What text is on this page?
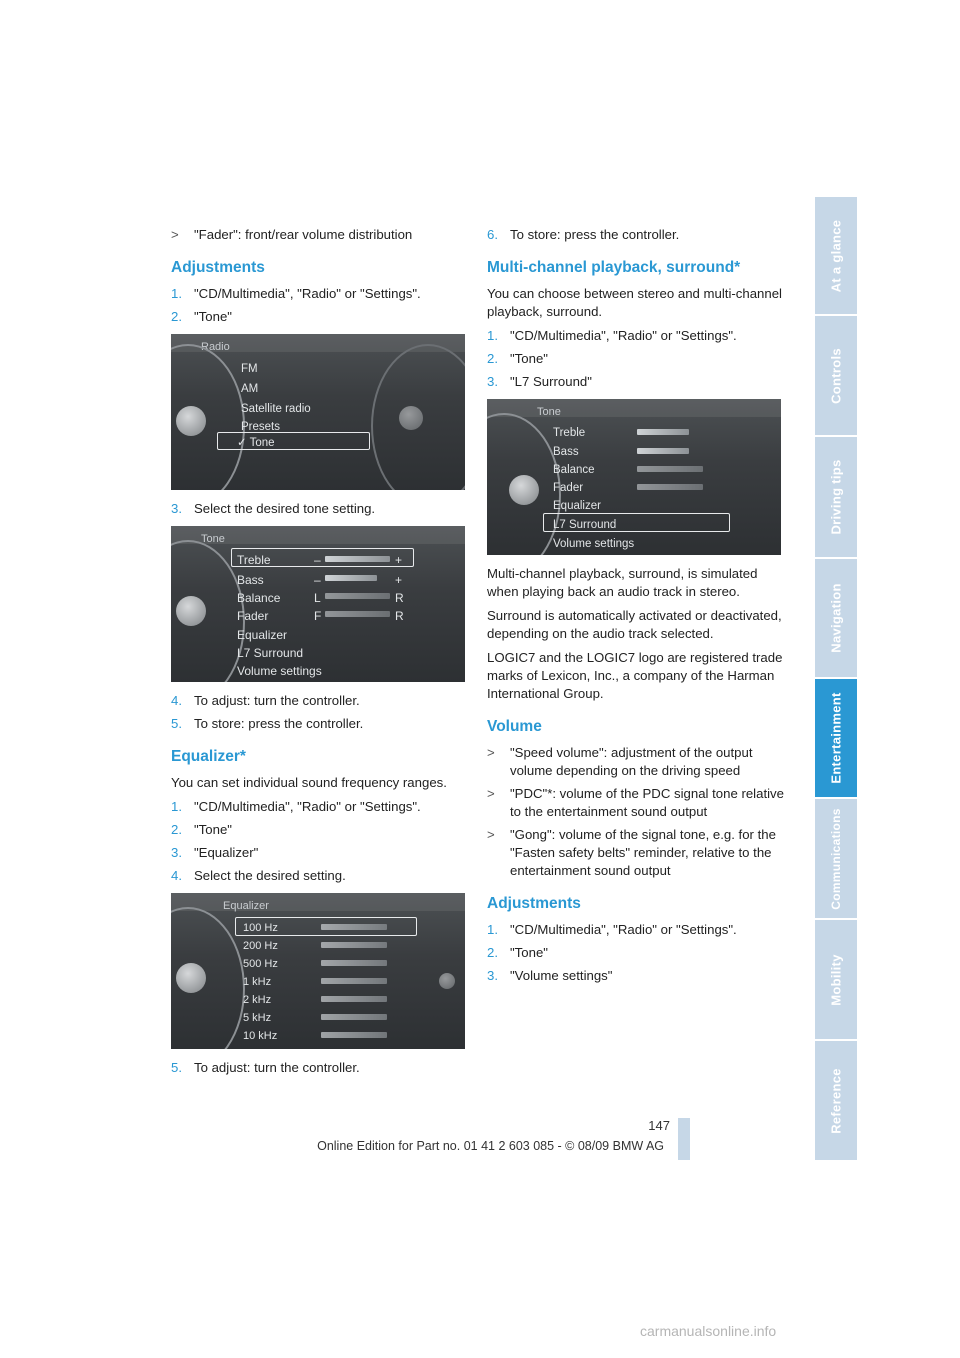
> "Fader": front/rear volume distribution
Adjustments
1. "CD/Multimedia", "Radio" or "Settings".
2. "Tone"
Radio
FM
AM
Satellite radio
Presets
✓ Tone
3. Select the desired tone setting.
Tone
Treble
Bass
Balance
Fader
–
–
L
F
+
+
R
R
Equalizer
L7 Surround
Volume settings
4. To adjust: turn the controller.
5. To store: press the controller.
Equalizer*

You can set individual sound frequency ranges.

1. "CD/Multimedia", "Radio" or "Settings".
2. "Tone"
3. "Equalizer"
4. Select the desired setting.
Equalizer
100 Hz
200 Hz
500 Hz
1 kHz
2 kHz
5 kHz
10 kHz
5. To adjust: turn the controller.
6. To store: press the controller.
Multi-channel playback, surround*

You can choose between stereo and multi-channel playback, surround.

1. "CD/Multimedia", "Radio" or "Settings".
2. "Tone"
3. "L7 Surround"
Tone
Treble
Bass
Balance
Fader
Equalizer
L7 Surround
Volume settings

Multi-channel playback, surround, is simulated when playing back an audio track in stereo.

Surround is automatically activated or deactivated, depending on the audio track selected.

LOGIC7 and the LOGIC7 logo are registered trade marks of Lexicon, Inc., a company of the Harman International Group.

Volume
> "Speed volume": adjustment of the output volume depending on the driving speed
> "PDC"*: volume of the PDC signal tone relative to the entertainment sound output
> "Gong": volume of the signal tone, e.g. for the "Fasten safety belts" reminder, relative to the entertainment sound output
Adjustments
1. "CD/Multimedia", "Radio" or "Settings".
2. "Tone"
3. "Volume settings"
At a glance
Controls
Driving tips
Navigation
Entertainment
Communications
Mobility
Reference
147
Online Edition for Part no. 01 41 2 603 085 - © 08/09 BMW AG
carmanualsonline.info
